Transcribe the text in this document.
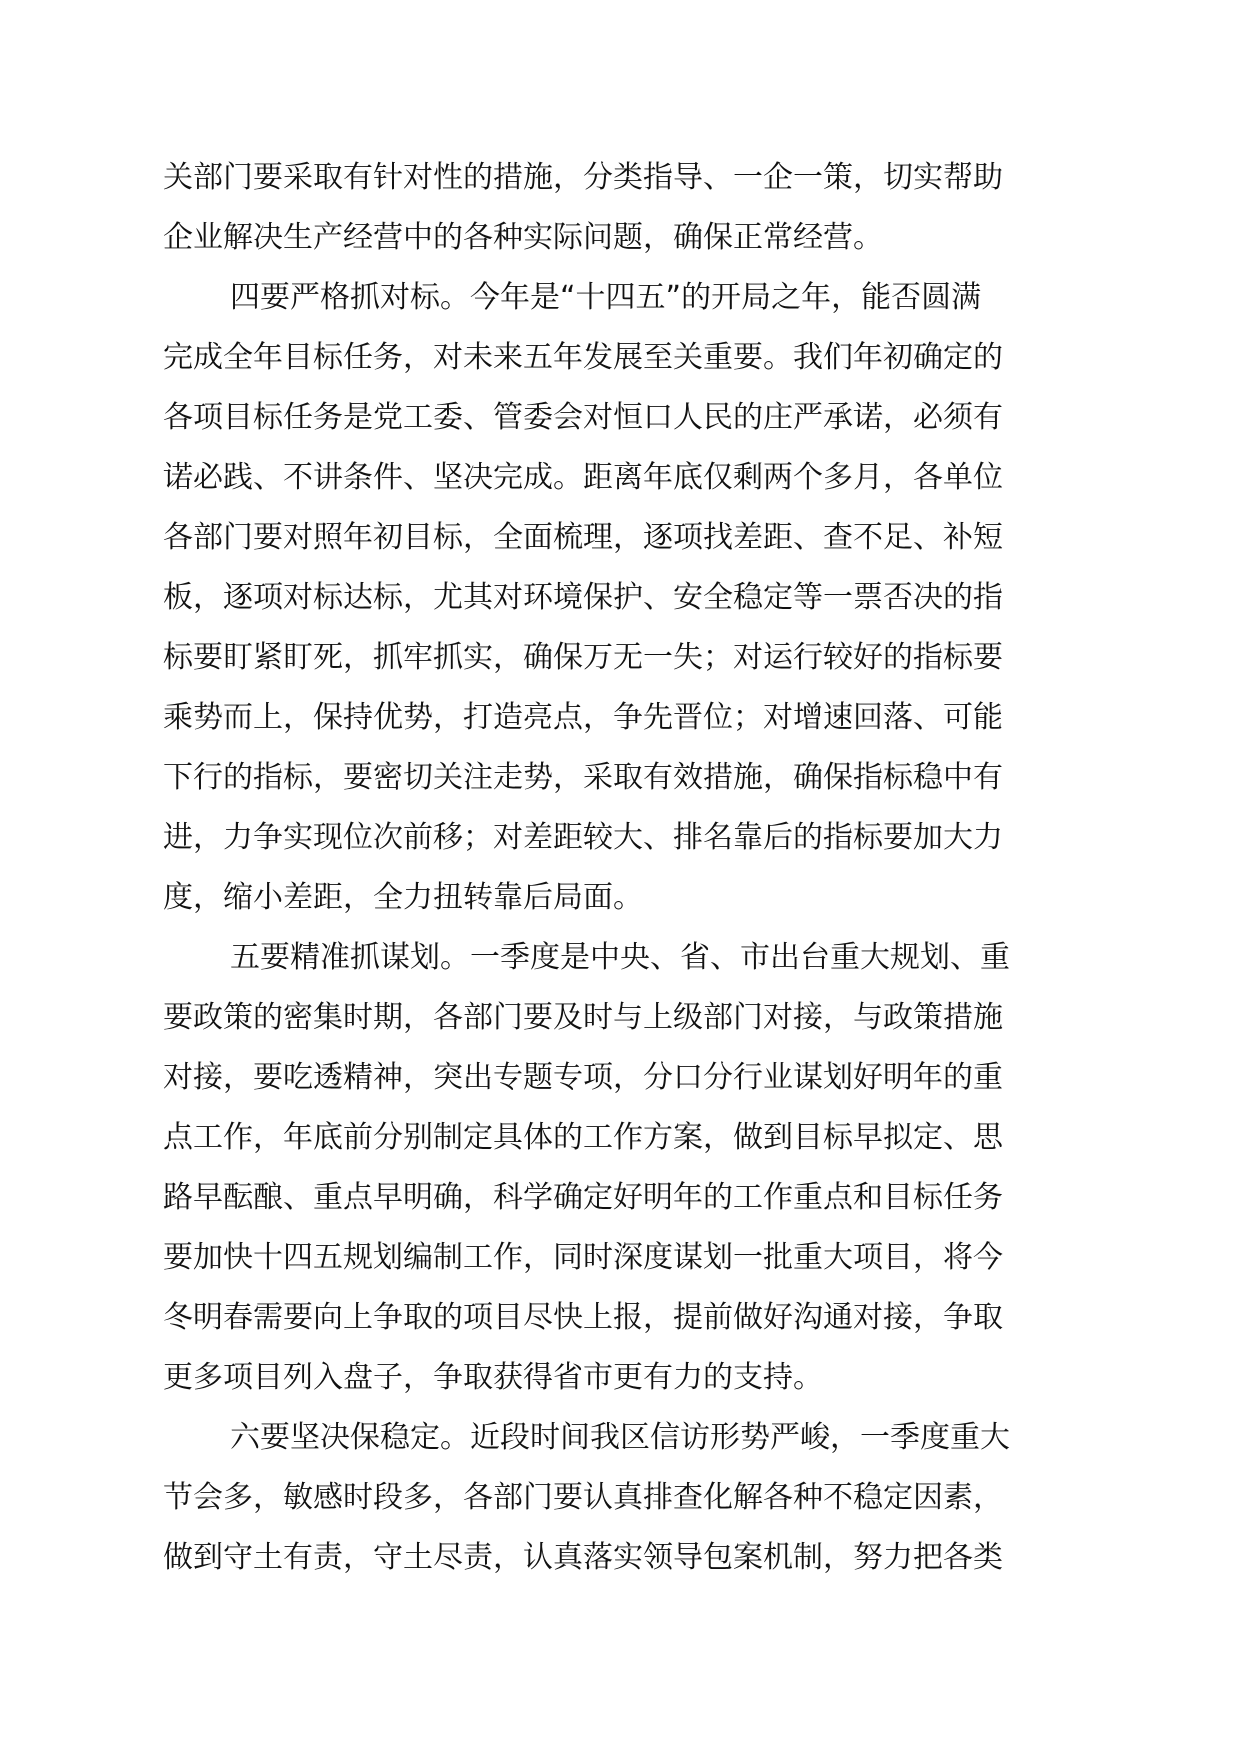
关部门要采取有针对性的措施，分类指导、一企一策，切实帮助
企业解决生产经营中的各种实际问题，确保正常经营。
四要严格抓对标。今年是“十四五”的开局之年，能否圆满
完成全年目标任务，对未来五年发展至关重要。我们年初确定的
各项目标任务是党工委、管委会对恒口人民的庄严承诺，必须有
诺必践、不讲条件、坚决完成。距离年底仅剩两个多月，各单位
各部门要对照年初目标，全面梳理，逐项找差距、查不足、补短
板，逐项对标达标，尤其对环境保护、安全稳定等一票否决的指
标要盯紧盯死，抓牢抓实，确保万无一失；对运行较好的指标要
乘势而上，保持优势，打造亮点，争先晋位；对增速回落、可能
下行的指标，要密切关注走势，采取有效措施，确保指标稳中有
进，力争实现位次前移；对差距较大、排名靠后的指标要加大力
度，缩小差距，全力扭转靠后局面。
五要精准抓谋划。一季度是中央、省、市出台重大规划、重
要政策的密集时期，各部门要及时与上级部门对接，与政策措施
对接，要吃透精神，突出专题专项，分口分行业谋划好明年的重
点工作，年底前分别制定具体的工作方案，做到目标早拟定、思
路早酝酿、重点早明确，科学确定好明年的工作重点和目标任务
要加快十四五规划编制工作，同时深度谋划一批重大项目，将今
冬明春需要向上争取的项目尽快上报，提前做好沟通对接，争取
更多项目列入盘子，争取获得省市更有力的支持。
六要坚决保稳定。近段时间我区信访形势严峻，一季度重大
节会多，敏感时段多，各部门要认真排查化解各种不稳定因素，
做到守土有责，守土尽责，认真落实领导包案机制，努力把各类
